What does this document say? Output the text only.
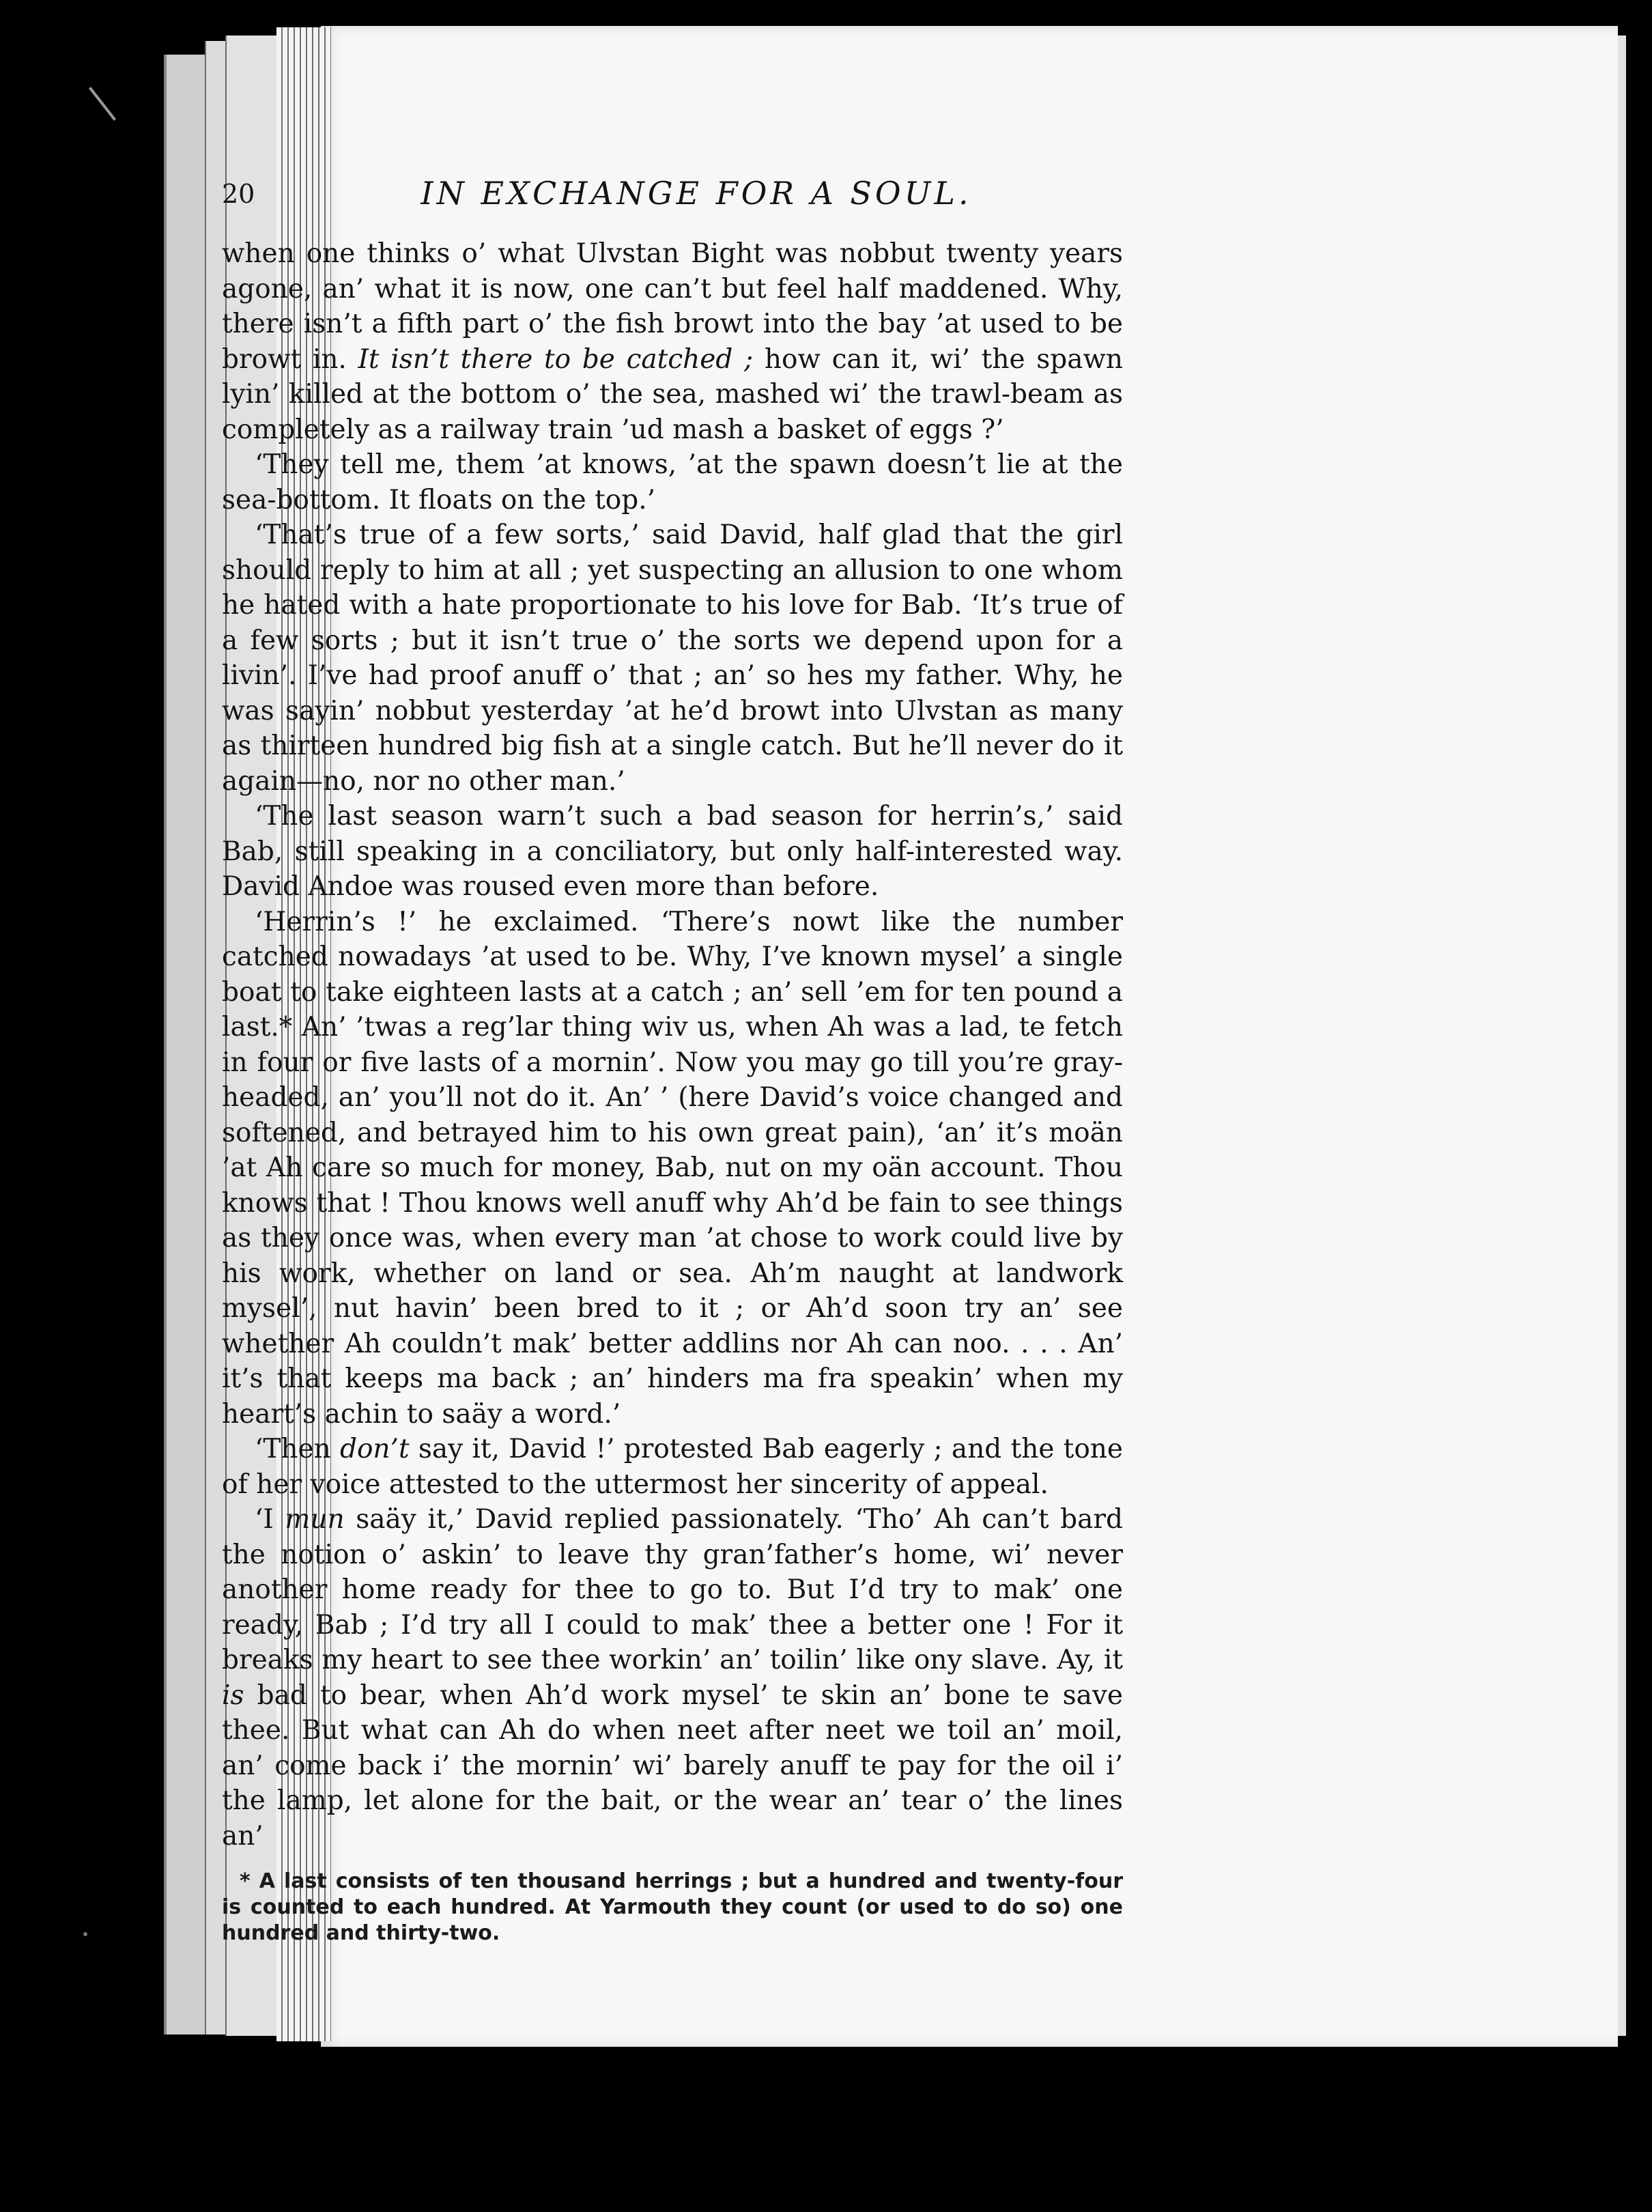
20	IN EXCHANGE FOR A SOUL.

when one thinks o’ what Ulvstan Bight was nobbut twenty years agone, an’ what it is now, one can’t but feel half maddened. Why, there isn’t a fifth part o’ the fish browt into the bay ’at used to be browt in. It isn’t there to be catched ; how can it, wi’ the spawn lyin’ killed at the bottom o’ the sea, mashed wi’ the trawl-beam as completely as a railway train ’ud mash a basket of eggs ?’

‘They tell me, them ’at knows, ’at the spawn doesn’t lie at the sea-bottom. It floats on the top.’

‘That’s true of a few sorts,’ said David, half glad that the girl should reply to him at all ; yet suspecting an allusion to one whom he hated with a hate proportionate to his love for Bab. ‘It’s true of a few sorts ; but it isn’t true o’ the sorts we depend upon for a livin’. I’ve had proof anuff o’ that ; an’ so hes my father. Why, he was sayin’ nobbut yesterday ’at he’d browt into Ulvstan as many as thirteen hundred big fish at a single catch. But he’ll never do it again—no, nor no other man.’

‘The last season warn’t such a bad season for herrin’s,’ said Bab, still speaking in a conciliatory, but only half-interested way. David Andoe was roused even more than before.

‘Herrin’s !’ he exclaimed. ‘There’s nowt like the number catched nowadays ’at used to be. Why, I’ve known mysel’ a single boat to take eighteen lasts at a catch ; an’ sell ’em for ten pound a last.* An’ ’twas a reg’lar thing wiv us, when Ah was a lad, te fetch in four or five lasts of a mornin’. Now you may go till you’re gray-headed, an’ you’ll not do it. An’ ’ (here David’s voice changed and softened, and betrayed him to his own great pain), ‘an’ it’s moän ’at Ah care so much for money, Bab, nut on my oän account. Thou knows that ! Thou knows well anuff why Ah’d be fain to see things as they once was, when every man ’at chose to work could live by his work, whether on land or sea. Ah’m naught at landwork mysel’, nut havin’ been bred to it ; or Ah’d soon try an’ see whether Ah couldn’t mak’ better addlins nor Ah can noo. . . . An’ it’s that keeps ma back ; an’ hinders ma fra speakin’ when my heart’s achin to saäy a word.’

‘Then don’t say it, David !’ protested Bab eagerly ; and the tone of her voice attested to the uttermost her sincerity of appeal.

‘I mun saäy it,’ David replied passionately. ‘Tho’ Ah can’t bard the notion o’ askin’ to leave thy gran’father’s home, wi’ never another home ready for thee to go to. But I’d try to mak’ one ready, Bab ; I’d try all I could to mak’ thee a better one ! For it breaks my heart to see thee workin’ an’ toilin’ like ony slave. Ay, it is bad to bear, when Ah’d work mysel’ te skin an’ bone te save thee. But what can Ah do when neet after neet we toil an’ moil, an’ come back i’ the mornin’ wi’ barely anuff te pay for the oil i’ the lamp, let alone for the bait, or the wear an’ tear o’ the lines an’

* A last consists of ten thousand herrings ; but a hundred and twenty-four is counted to each hundred. At Yarmouth they count (or used to do so) one hundred and thirty-two.
